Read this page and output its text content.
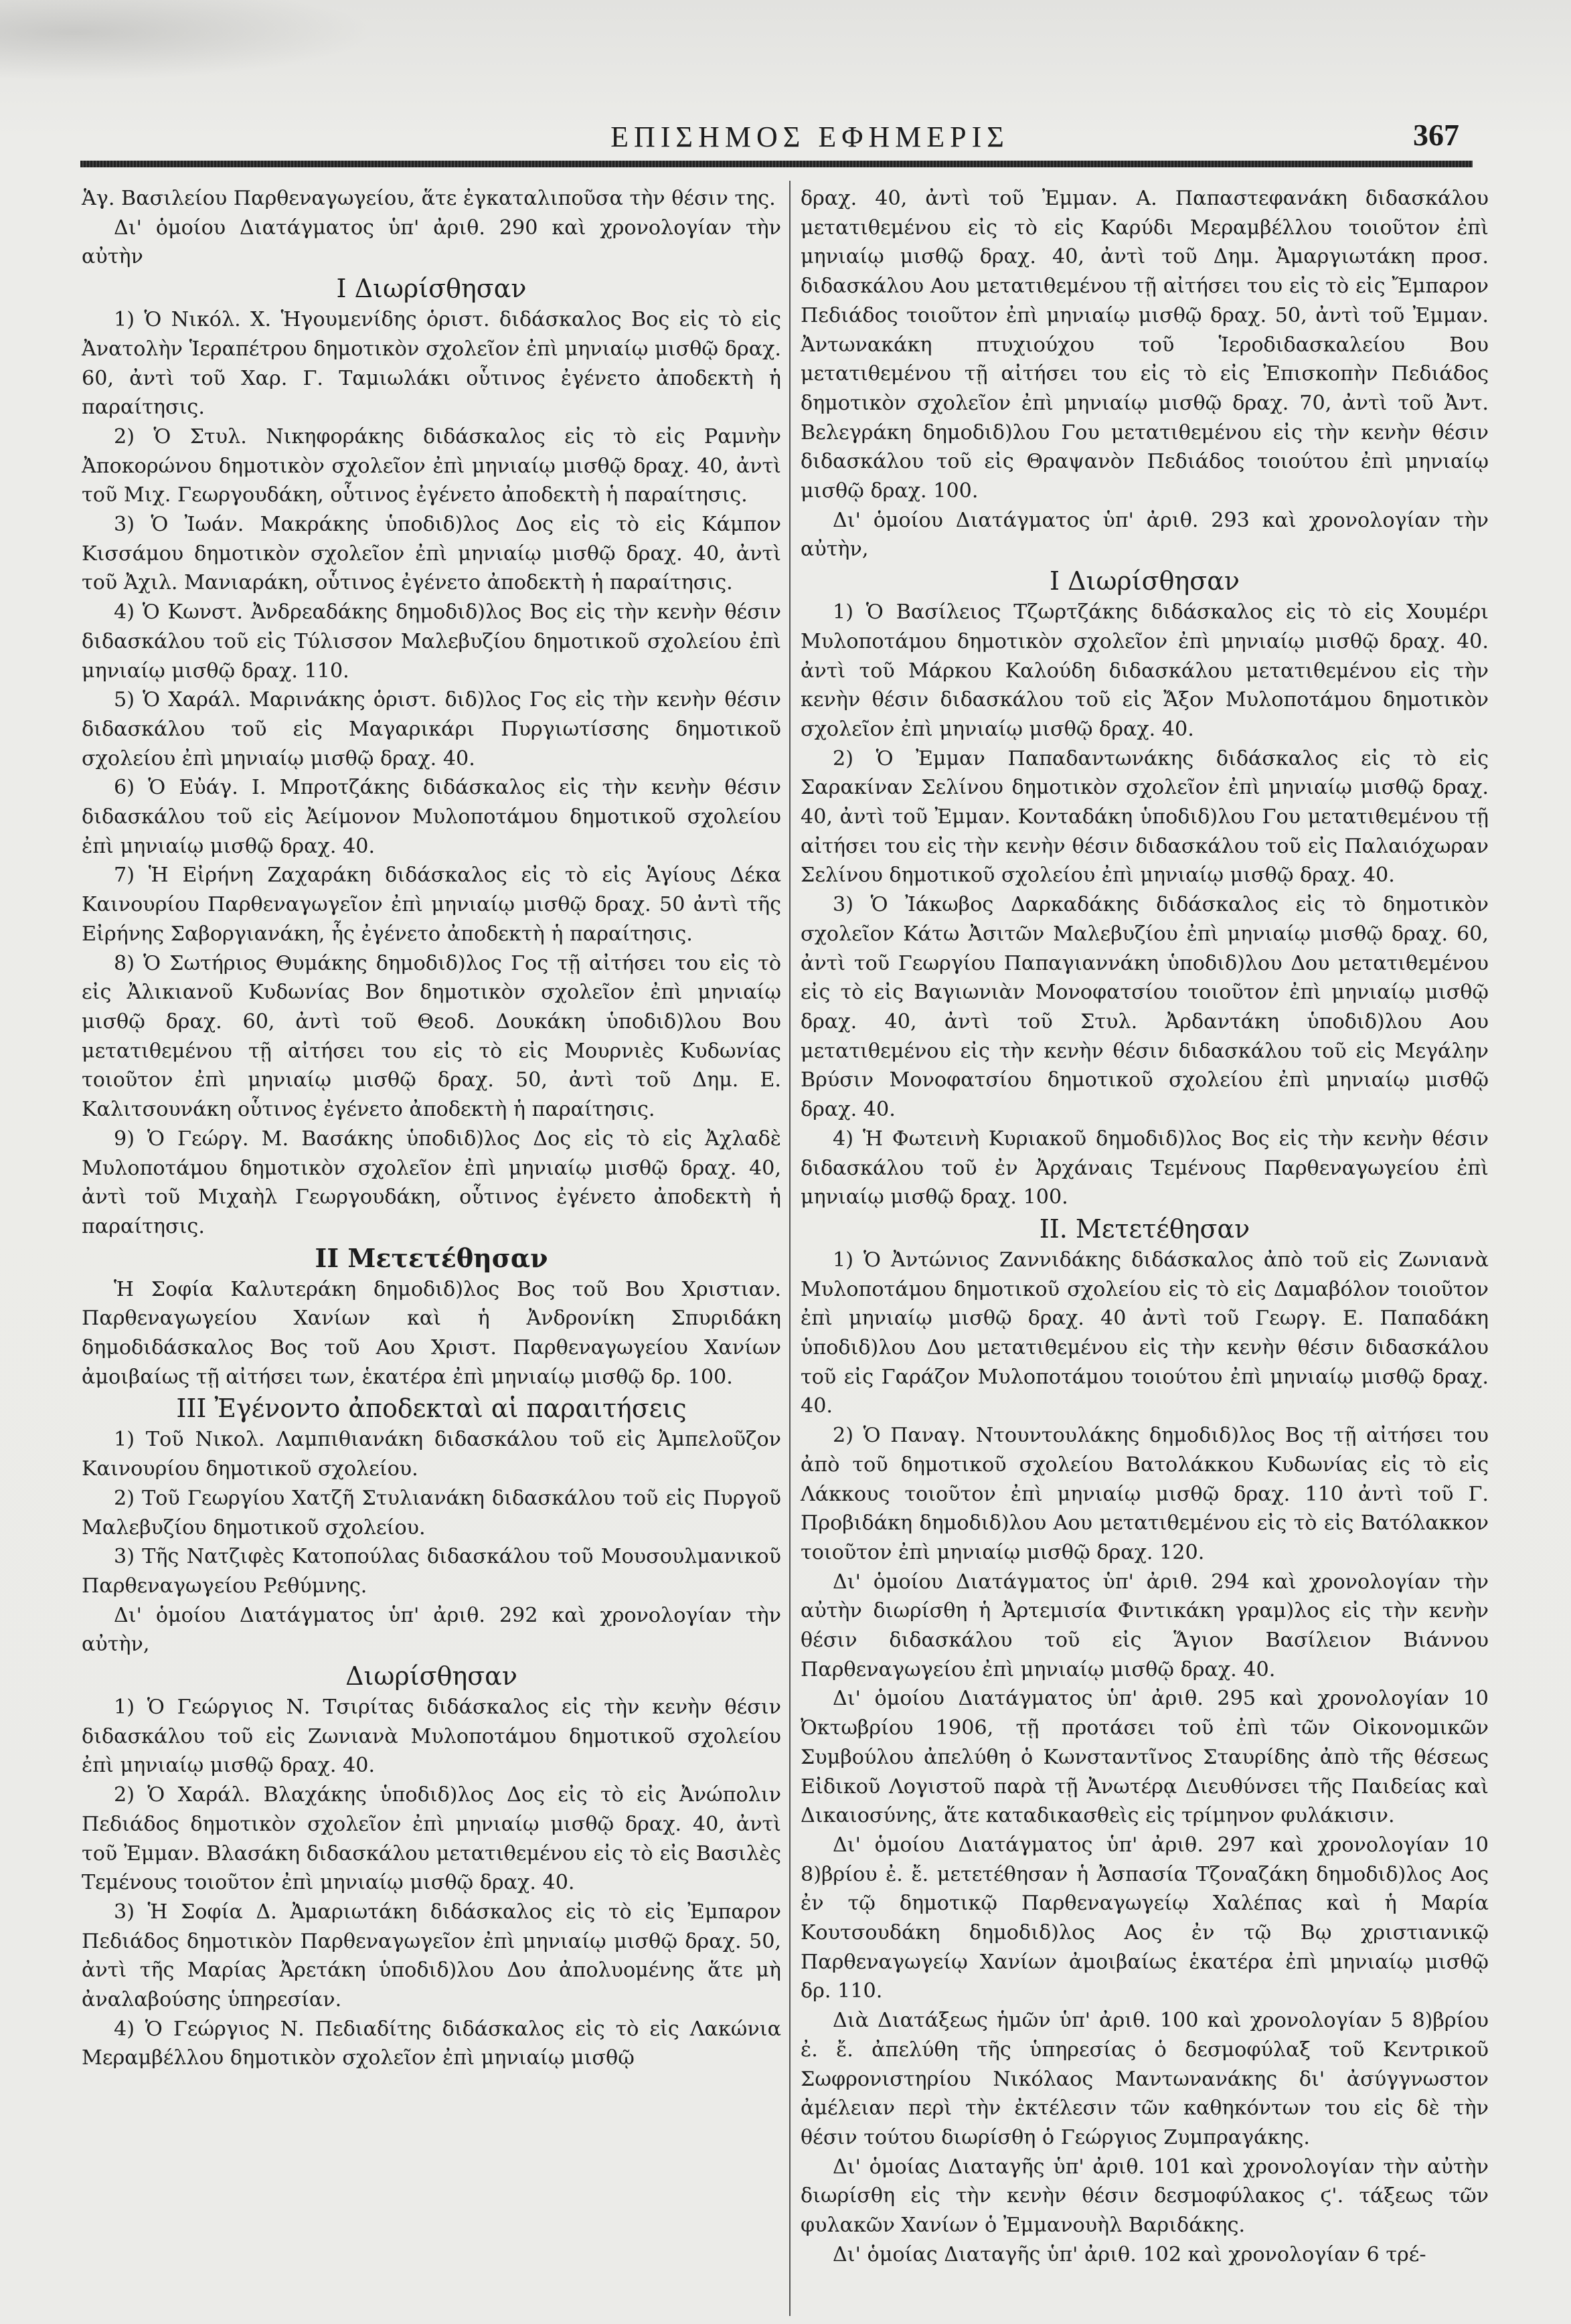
ΕΠΙΣΗΜΟΣ ΕΦΗΜΕΡΙΣ	367

Ἁγ. Βασιλείου Παρθεναγωγείου, ἅτε ἐγκαταλιποῦσα τὴν θέσιν της.

Δι' ὁμοίου Διατάγματος ὑπ' ἀριθ. 290 καὶ χρονολογίαν τὴν αὐτὴν

Ι Διωρίσθησαν

1) Ὁ Νικόλ. Χ. Ἡγουμενίδης ὁριστ. διδάσκαλος Βος εἰς τὸ εἰς Ἀνατολὴν Ἱεραπέτρου δημοτικὸν σχολεῖον ἐπὶ μηνιαίῳ μισθῷ δραχ. 60, ἀντὶ τοῦ Χαρ. Γ. Ταμιωλάκι οὗτινος ἐγένετο ἀποδεκτὴ ἡ παραίτησις.

2) Ὁ Στυλ. Νικηφοράκης διδάσκαλος εἰς τὸ εἰς Ραμνὴν Ἀποκορώνου δημοτικὸν σχολεῖον ἐπὶ μηνιαίῳ μισθῷ δραχ. 40, ἀντὶ τοῦ Μιχ. Γεωργουδάκη, οὗτινος ἐγένετο ἀποδεκτὴ ἡ παραίτησις.

3) Ὁ Ἰωάν. Μακράκης ὑποδιδ)λος Δος εἰς τὸ εἰς Κάμπον Κισσάμου δημοτικὸν σχολεῖον ἐπὶ μηνιαίῳ μισθῷ δραχ. 40, ἀντὶ τοῦ Ἀχιλ. Μανιαράκη, οὗτινος ἐγένετο ἀποδεκτὴ ἡ παραίτησις.

4) Ὁ Κωνστ. Ἀνδρεαδάκης δημοδιδ)λος Βος εἰς τὴν κενὴν θέσιν διδασκάλου τοῦ εἰς Τύλισσον Μαλεβυζίου δημοτικοῦ σχολείου ἐπὶ μηνιαίῳ μισθῷ δραχ. 110.

5) Ὁ Χαράλ. Μαρινάκης ὁριστ. διδ)λος Γος εἰς τὴν κενὴν θέσιν διδασκάλου τοῦ εἰς Μαγαρικάρι Πυργιωτίσσης δημοτικοῦ σχολείου ἐπὶ μηνιαίῳ μισθῷ δραχ. 40.

6) Ὁ Εὐάγ. Ι. Μπροτζάκης διδάσκαλος εἰς τὴν κενὴν θέσιν διδασκάλου τοῦ εἰς Ἀείμονον Μυλοποτάμου δημοτικοῦ σχολείου ἐπὶ μηνιαίῳ μισθῷ δραχ. 40.

7) Ἡ Εἰρήνη Ζαχαράκη διδάσκαλος εἰς τὸ εἰς Ἁγίους Δέκα Καινουρίου Παρθεναγωγεῖον ἐπὶ μηνιαίῳ μισθῷ δραχ. 50 ἀντὶ τῆς Εἰρήνης Σαβοργιανάκη, ἧς ἐγένετο ἀποδεκτὴ ἡ παραίτησις.

8) Ὁ Σωτήριος Θυμάκης δημοδιδ)λος Γος τῇ αἰτήσει του εἰς τὸ εἰς Ἀλικιανοῦ Κυδωνίας Βον δημοτικὸν σχολεῖον ἐπὶ μηνιαίῳ μισθῷ δραχ. 60, ἀντὶ τοῦ Θεοδ. Δουκάκη ὑποδιδ)λου Βου μετατιθεμένου τῇ αἰτήσει του εἰς τὸ εἰς Μουρνιὲς Κυδωνίας τοιοῦτον ἐπὶ μηνιαίῳ μισθῷ δραχ. 50, ἀντὶ τοῦ Δημ. Ε. Καλιτσουνάκη οὗτινος ἐγένετο ἀποδεκτὴ ἡ παραίτησις.

9) Ὁ Γεώργ. Μ. Βασάκης ὑποδιδ)λος Δος εἰς τὸ εἰς Ἀχλαδὲ Μυλοποτάμου δημοτικὸν σχολεῖον ἐπὶ μηνιαίῳ μισθῷ δραχ. 40, ἀντὶ τοῦ Μιχαὴλ Γεωργουδάκη, οὗτινος ἐγένετο ἀποδεκτὴ ἡ παραίτησις.

ΙΙ Μετετέθησαν

Ἡ Σοφία Καλυτεράκη δημοδιδ)λος Βος τοῦ Βου Χριστιαν. Παρθεναγωγείου Χανίων καὶ ἡ Ἀνδρονίκη Σπυριδάκη δημοδιδάσκαλος Βος τοῦ Αου Χριστ. Παρθεναγωγείου Χανίων ἀμοιβαίως τῇ αἰτήσει των, ἑκατέρα ἐπὶ μηνιαίῳ μισθῷ δρ. 100.

ΙΙΙ Ἐγένοντο ἀποδεκταὶ αἱ παραιτήσεις

1) Τοῦ Νικολ. Λαμπιθιανάκη διδασκάλου τοῦ εἰς Ἀμπελοῦζον Καινουρίου δημοτικοῦ σχολείου.

2) Τοῦ Γεωργίου Χατζῆ Στυλιανάκη διδασκάλου τοῦ εἰς Πυργοῦ Μαλεβυζίου δημοτικοῦ σχολείου.

3) Τῆς Νατζιφὲς Κατοπούλας διδασκάλου τοῦ Μουσουλμανικοῦ Παρθεναγωγείου Ρεθύμνης.

Δι' ὁμοίου Διατάγματος ὑπ' ἀριθ. 292 καὶ χρονολογίαν τὴν αὐτὴν,

Διωρίσθησαν

1) Ὁ Γεώργιος Ν. Τσιρίτας διδάσκαλος εἰς τὴν κενὴν θέσιν διδασκάλου τοῦ εἰς Ζωνιανὰ Μυλοποτάμου δημοτικοῦ σχολείου ἐπὶ μηνιαίῳ μισθῷ δραχ. 40.

2) Ὁ Χαράλ. Βλαχάκης ὑποδιδ)λος Δος εἰς τὸ εἰς Ἀνώπολιν Πεδιάδος δημοτικὸν σχολεῖον ἐπὶ μηνιαίῳ μισθῷ δραχ. 40, ἀντὶ τοῦ Ἐμμαν. Βλασάκη διδασκάλου μετατιθεμένου εἰς τὸ εἰς Βασιλὲς Τεμένους τοιοῦτον ἐπὶ μηνιαίῳ μισθῷ δραχ. 40.

3) Ἡ Σοφία Δ. Ἀμαριωτάκη διδάσκαλος εἰς τὸ εἰς Ἐμπαρον Πεδιάδος δημοτικὸν Παρθεναγωγεῖον ἐπὶ μηνιαίῳ μισθῷ δραχ. 50, ἀντὶ τῆς Μαρίας Ἀρετάκη ὑποδιδ)λου Δου ἀπολυομένης ἅτε μὴ ἀναλαβούσης ὑπηρεσίαν.

4) Ὁ Γεώργιος Ν. Πεδιαδίτης διδάσκαλος εἰς τὸ εἰς Λακώνια Μεραμβέλλου δημοτικὸν σχολεῖον ἐπὶ μηνιαίῳ μισθῷ

δραχ. 40, ἀντὶ τοῦ Ἐμμαν. Α. Παπαστεφανάκη διδασκάλου μετατιθεμένου εἰς τὸ εἰς Καρύδι Μεραμβέλλου τοιοῦτον ἐπὶ μηνιαίῳ μισθῷ δραχ. 40, ἀντὶ τοῦ Δημ. Ἀμαργιωτάκη προσ. διδασκάλου Αου μετατιθεμένου τῇ αἰτήσει του εἰς τὸ εἰς Ἔμπαρον Πεδιάδος τοιοῦτον ἐπὶ μηνιαίῳ μισθῷ δραχ. 50, ἀντὶ τοῦ Ἐμμαν. Ἀντωνακάκη πτυχιούχου τοῦ Ἱεροδιδασκαλείου Βου μετατιθεμένου τῇ αἰτήσει του εἰς τὸ εἰς Ἐπισκοπὴν Πεδιάδος δημοτικὸν σχολεῖον ἐπὶ μηνιαίῳ μισθῷ δραχ. 70, ἀντὶ τοῦ Ἀντ. Βελεγράκη δημοδιδ)λου Γου μετατιθεμένου εἰς τὴν κενὴν θέσιν διδασκάλου τοῦ εἰς Θραψανὸν Πεδιάδος τοιούτου ἐπὶ μηνιαίῳ μισθῷ δραχ. 100.

Δι' ὁμοίου Διατάγματος ὑπ' ἀριθ. 293 καὶ χρονολογίαν τὴν αὐτὴν,

Ι Διωρίσθησαν

1) Ὁ Βασίλειος Τζωρτζάκης διδάσκαλος εἰς τὸ εἰς Χουμέρι Μυλοποτάμου δημοτικὸν σχολεῖον ἐπὶ μηνιαίῳ μισθῷ δραχ. 40. ἀντὶ τοῦ Μάρκου Καλούδη διδασκάλου μετατιθεμένου εἰς τὴν κενὴν θέσιν διδασκάλου τοῦ εἰς Ἄξον Μυλοποτάμου δημοτικὸν σχολεῖον ἐπὶ μηνιαίῳ μισθῷ δραχ. 40.

2) Ὁ Ἐμμαν Παπαδαντωνάκης διδάσκαλος εἰς τὸ εἰς Σαρακίναν Σελίνου δημοτικὸν σχολεῖον ἐπὶ μηνιαίῳ μισθῷ δραχ. 40, ἀντὶ τοῦ Ἐμμαν. Κονταδάκη ὑποδιδ)λου Γου μετατιθεμένου τῇ αἰτήσει του εἰς τὴν κενὴν θέσιν διδασκάλου τοῦ εἰς Παλαιόχωραν Σελίνου δημοτικοῦ σχολείου ἐπὶ μηνιαίῳ μισθῷ δραχ. 40.

3) Ὁ Ἰάκωβος Δαρκαδάκης διδάσκαλος εἰς τὸ δημοτικὸν σχολεῖον Κάτω Ἀσιτῶν Μαλεβυζίου ἐπὶ μηνιαίῳ μισθῷ δραχ. 60, ἀντὶ τοῦ Γεωργίου Παπαγιαννάκη ὑποδιδ)λου Δου μετατιθεμένου εἰς τὸ εἰς Βαγιωνιὰν Μονοφατσίου τοιοῦτον ἐπὶ μηνιαίῳ μισθῷ δραχ. 40, ἀντὶ τοῦ Στυλ. Ἀρδαντάκη ὑποδιδ)λου Αου μετατιθεμένου εἰς τὴν κενὴν θέσιν διδασκάλου τοῦ εἰς Μεγάλην Βρύσιν Μονοφατσίου δημοτικοῦ σχολείου ἐπὶ μηνιαίῳ μισθῷ δραχ. 40.

4) Ἡ Φωτεινὴ Κυριακοῦ δημοδιδ)λος Βος εἰς τὴν κενὴν θέσιν διδασκάλου τοῦ ἐν Ἀρχάναις Τεμένους Παρθεναγωγείου ἐπὶ μηνιαίῳ μισθῷ δραχ. 100.

ΙΙ. Μετετέθησαν

1) Ὁ Ἀντώνιος Ζαννιδάκης διδάσκαλος ἀπὸ τοῦ εἰς Ζωνιανὰ Μυλοποτάμου δημοτικοῦ σχολείου εἰς τὸ εἰς Δαμαβόλον τοιοῦτον ἐπὶ μηνιαίῳ μισθῷ δραχ. 40 ἀντὶ τοῦ Γεωργ. Ε. Παπαδάκη ὑποδιδ)λου Δου μετατιθεμένου εἰς τὴν κενὴν θέσιν διδασκάλου τοῦ εἰς Γαράζον Μυλοποτάμου τοιούτου ἐπὶ μηνιαίῳ μισθῷ δραχ. 40.

2) Ὁ Παναγ. Ντουντουλάκης δημοδιδ)λος Βος τῇ αἰτήσει του ἀπὸ τοῦ δημοτικοῦ σχολείου Βατολάκκου Κυδωνίας εἰς τὸ εἰς Λάκκους τοιοῦτον ἐπὶ μηνιαίῳ μισθῷ δραχ. 110 ἀντὶ τοῦ Γ. Προβιδάκη δημοδιδ)λου Αου μετατιθεμένου εἰς τὸ εἰς Βατόλακκον τοιοῦτον ἐπὶ μηνιαίῳ μισθῷ δραχ. 120.

Δι' ὁμοίου Διατάγματος ὑπ' ἀριθ. 294 καὶ χρονολογίαν τὴν αὐτὴν διωρίσθη ἡ Ἀρτεμισία Φιντικάκη γραμ)λος εἰς τὴν κενὴν θέσιν διδασκάλου τοῦ εἰς Ἅγιον Βασίλειον Βιάννου Παρθεναγωγείου ἐπὶ μηνιαίῳ μισθῷ δραχ. 40.

Δι' ὁμοίου Διατάγματος ὑπ' ἀριθ. 295 καὶ χρονολογίαν 10 Ὀκτωβρίου 1906, τῇ προτάσει τοῦ ἐπὶ τῶν Οἰκονομικῶν Συμβούλου ἀπελύθη ὁ Κωνσταντῖνος Σταυρίδης ἀπὸ τῆς θέσεως Εἰδικοῦ Λογιστοῦ παρὰ τῇ Ἀνωτέρᾳ Διευθύνσει τῆς Παιδείας καὶ Δικαιοσύνης, ἅτε καταδικασθεὶς εἰς τρίμηνον φυλάκισιν.

Δι' ὁμοίου Διατάγματος ὑπ' ἀριθ. 297 καὶ χρονολογίαν 10 8)βρίου ἐ. ἔ. μετετέθησαν ἡ Ἀσπασία Τζοναζάκη δημοδιδ)λος Αος ἐν τῷ δημοτικῷ Παρθεναγωγείῳ Χαλέπας καὶ ἡ Μαρία Κουτσουδάκη δημοδιδ)λος Αος ἐν τῷ Βῳ χριστιανικῷ Παρθεναγωγείῳ Χανίων ἀμοιβαίως ἑκατέρα ἐπὶ μηνιαίῳ μισθῷ δρ. 110.

Διὰ Διατάξεως ἡμῶν ὑπ' ἀριθ. 100 καὶ χρονολογίαν 5 8)βρίου ἐ. ἔ. ἀπελύθη τῆς ὑπηρεσίας ὁ δεσμοφύλαξ τοῦ Κεντρικοῦ Σωφρονιστηρίου Νικόλαος Μαντωνανάκης δι' ἀσύγγνωστον ἀμέλειαν περὶ τὴν ἐκτέλεσιν τῶν καθηκόντων του εἰς δὲ τὴν θέσιν τούτου διωρίσθη ὁ Γεώργιος Ζυμπραγάκης.

Δι' ὁμοίας Διαταγῆς ὑπ' ἀριθ. 101 καὶ χρονολογίαν τὴν αὐτὴν διωρίσθη εἰς τὴν κενὴν θέσιν δεσμοφύλακος ϛ'. τάξεως τῶν φυλακῶν Χανίων ὁ Ἐμμανουὴλ Βαριδάκης.

Δι' ὁμοίας Διαταγῆς ὑπ' ἀριθ. 102 καὶ χρονολογίαν 6 τρέ-
